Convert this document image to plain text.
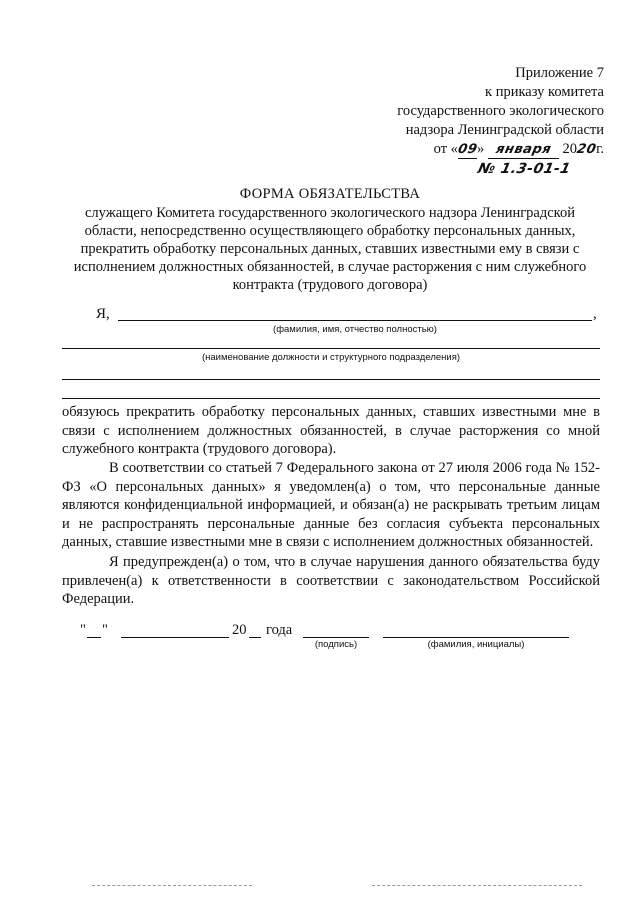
Приложение 7
к приказу комитета
государственного экологического
надзора Ленинградской области
от «09» января 2020г.
№ 1.3-01-1
ФОРМА ОБЯЗАТЕЛЬСТВА
служащего Комитета государственного экологического надзора Ленинградской
области, непосредственно осуществляющего обработку персональных данных,
прекратить обработку персональных данных, ставших известными ему в связи с
исполнением должностных обязанностей, в случае расторжения с ним служебного
контракта (трудового договора)
Я,	,
(фамилия, имя, отчество полностью)
(наименование должности и структурного подразделения)
обязуюсь прекратить обработку персональных данных, ставших известными мне в связи с исполнением должностных обязанностей, в случае расторжения со мной служебного контракта (трудового договора).
В соответствии со статьей 7 Федерального закона от 27 июля 2006 года № 152-ФЗ «О персональных данных» я уведомлен(а) о том, что персональные данные являются конфиденциальной информацией, и обязан(а) не раскрывать третьим лицам и не распространять персональные данные без согласия субъекта персональных данных, ставшие известными мне в связи с исполнением должностных обязанностей.
Я предупрежден(а) о том, что в случае нарушения данного обязательства буду привлечен(а) к ответственности в соответствии с законодательством Российской Федерации.
" "	20 года
(подпись)	(фамилия, инициалы)
